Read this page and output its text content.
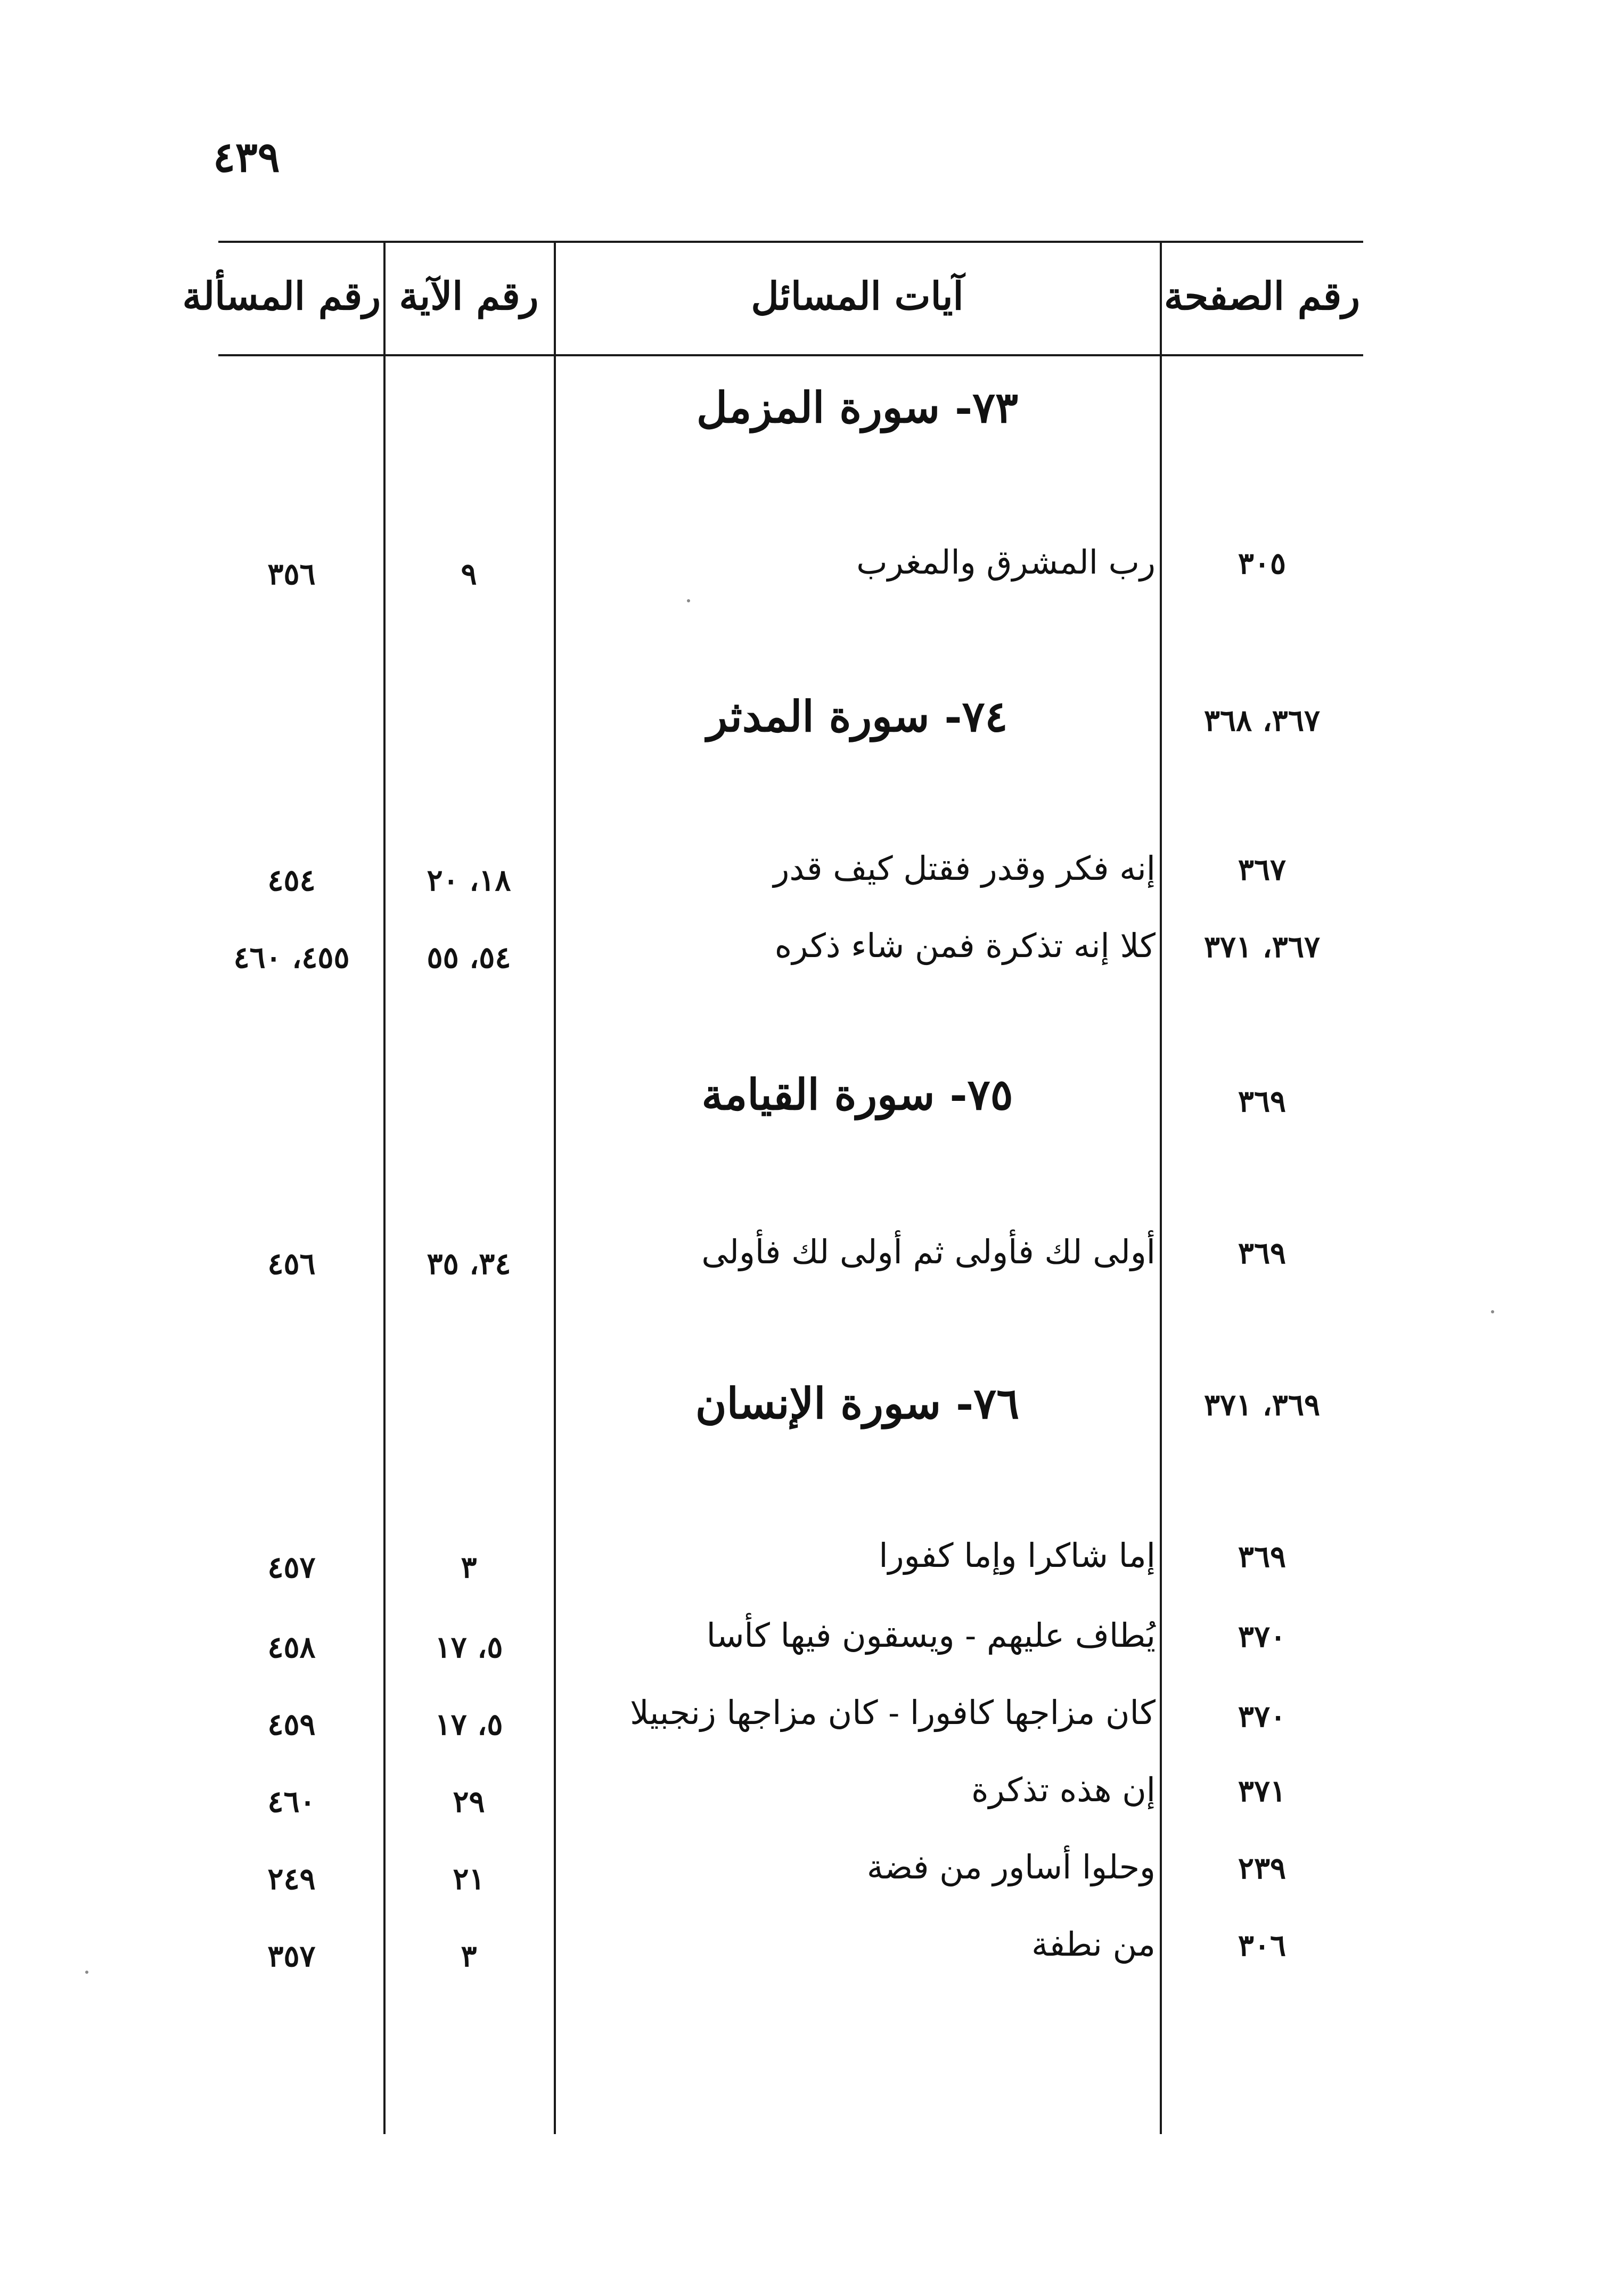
٤٣٩
رقم الصفحة
آيات المسائل
رقم الآية
رقم المسألة
٧٣- سورة المزمل
٣٠٥
رب المشرق والمغرب
٩
٣٥٦
٣٦٧، ٣٦٨
٧٤- سورة المدثر
٣٦٧
إنه فكر وقدر فقتل كيف قدر
١٨، ٢٠
٤٥٤
٣٦٧، ٣٧١
كلا إنه تذكرة فمن شاء ذكره
٥٤، ٥٥
٤٥٥، ٤٦٠
٣٦٩
٧٥- سورة القيامة
٣٦٩
أولى لك فأولى ثم أولى لك فأولى
٣٤، ٣٥
٤٥٦
٣٦٩، ٣٧١
٧٦- سورة الإنسان
٣٦٩
إما شاكرا وإما كفورا
٣
٤٥٧
٣٧٠
يُطاف عليهم - ويسقون فيها كأسا
٥، ١٧
٤٥٨
٣٧٠
كان مزاجها كافورا - كان مزاجها زنجبيلا
٥، ١٧
٤٥٩
٣٧١
إن هذه تذكرة
٢٩
٤٦٠
٢٣٩
وحلوا أساور من فضة
٢١
٢٤٩
٣٠٦
من نطفة
٣
٣٥٧
